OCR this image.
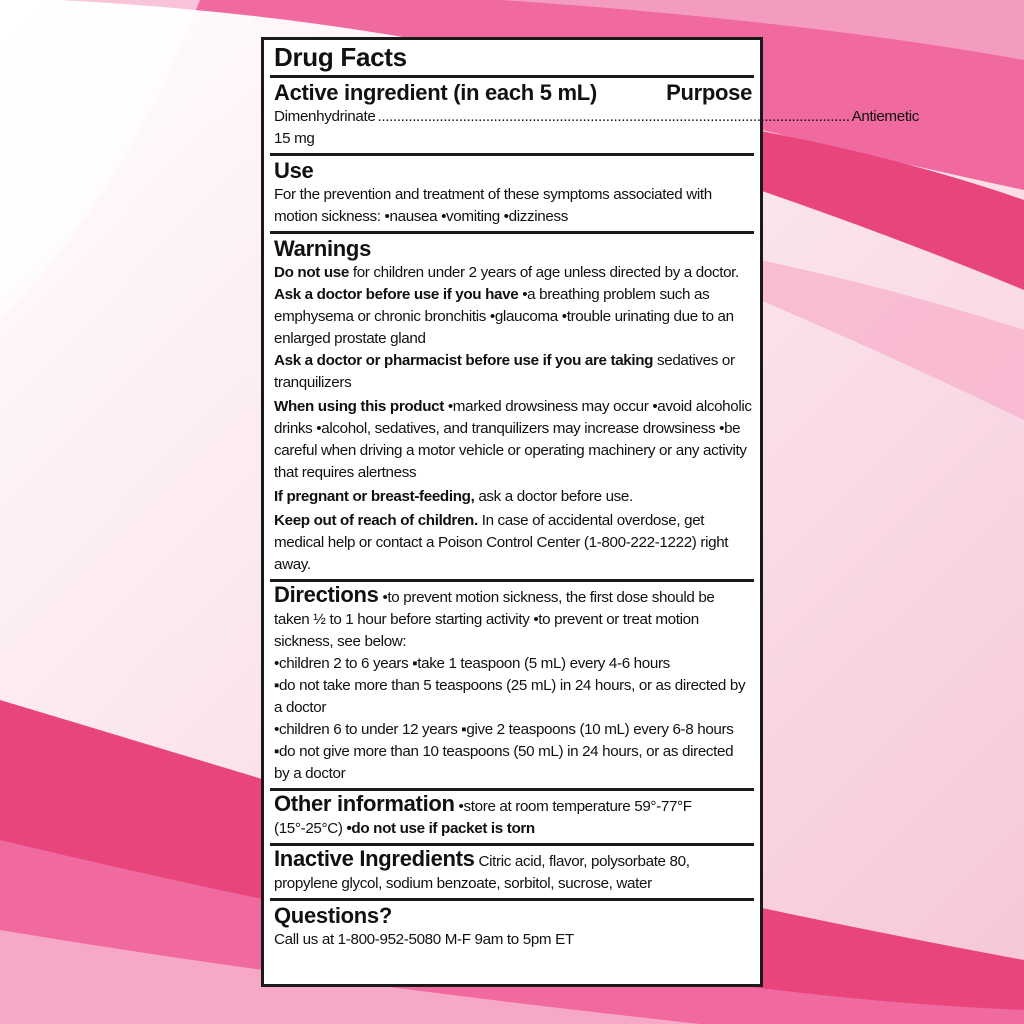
Drug Facts
Active ingredient (in each 5 mL)	Purpose
Dimenhydrinate 15 mg
.......................................................................................................................... Antiemetic
Use
For the prevention and treatment of these symptoms associated with motion sickness: •nausea •vomiting •dizziness
Warnings
Do not use for children under 2 years of age unless directed by a doctor.
Ask a doctor before use if you have •a breathing problem such as emphysema or chronic bronchitis •glaucoma •trouble urinating due to an enlarged prostate gland
Ask a doctor or pharmacist before use if you are taking sedatives or tranquilizers
When using this product •marked drowsiness may occur •avoid alcoholic drinks •alcohol, sedatives, and tranquilizers may increase drowsiness •be careful when driving a motor vehicle or operating machinery or any activity that requires alertness
If pregnant or breast-feeding, ask a doctor before use.
Keep out of reach of children. In case of accidental overdose, get medical help or contact a Poison Control Center (1-800-222-1222) right away.
Directions •to prevent motion sickness, the first dose should be taken ½ to 1 hour before starting activity •to prevent or treat motion sickness, see below:
•children 2 to 6 years ▪take 1 teaspoon (5 mL) every 4-6 hours
▪do not take more than 5 teaspoons (25 mL) in 24 hours, or as directed by a doctor
•children 6 to under 12 years ▪give 2 teaspoons (10 mL) every 6-8 hours ▪do not give more than 10 teaspoons (50 mL) in 24 hours, or as directed by a doctor
Other information •store at room temperature 59°-77°F (15°-25°C) •do not use if packet is torn
Inactive Ingredients Citric acid, flavor, polysorbate 80, propylene glycol, sodium benzoate, sorbitol, sucrose, water
Questions?
Call us at 1-800-952-5080 M-F 9am to 5pm ET
